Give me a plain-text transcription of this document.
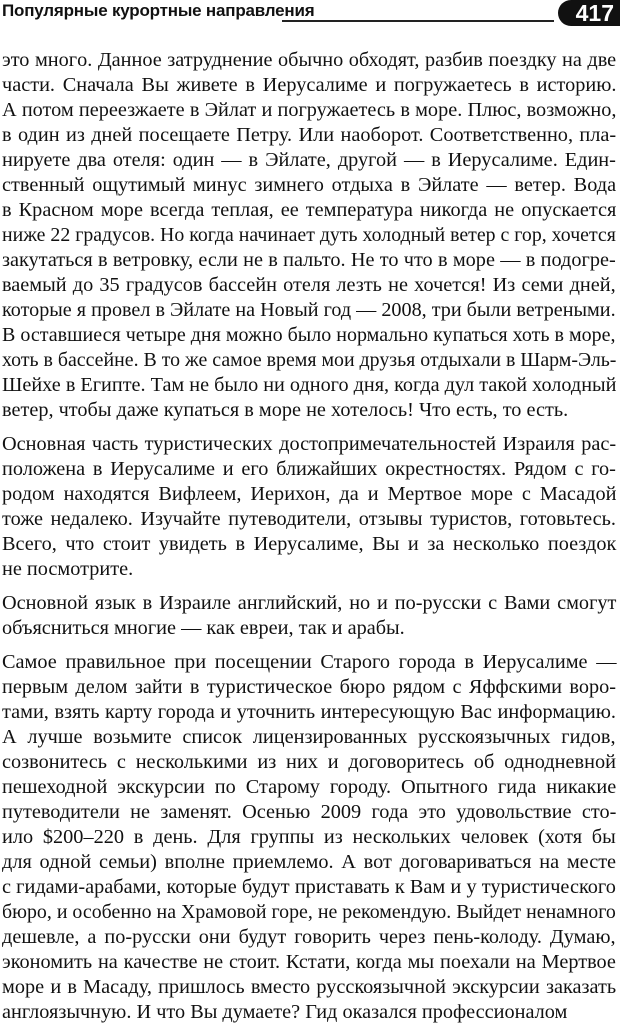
Популярные курортные направления	417
это многo. Данное затруднение обычно обходят, разбив поездку на две
части. Сначала Вы живете в Иерусалиме и погружаетесь в историю.
А потом переезжаете в Эйлат и погружаетесь в море. Плюс, возможно,
в один из дней посещаете Петру. Или наоборот. Соответственно, пла-
нируете два отеля: один — в Эйлате, другой — в Иерусалиме. Един-
ственный ощутимый минус зимнего отдыха в Эйлате — ветер. Вода
в Красном море всегда теплая, ее температура никогда не опускается
ниже 22 градусов. Но когда начинает дуть холодный ветер с гор, хочется
закутаться в ветровку, если не в пальто. Не то что в море — в подогре-
ваемый до 35 градусов бассейн отеля лезть не хочется! Из семи дней,
которые я провел в Эйлате на Новый год — 2008, три были ветреными.
В оставшиеся четыре дня можно было нормально купаться хоть в море,
хоть в бассейне. В то же самое время мои друзья отдыхали в Шарм-Эль-
Шейхе в Египте. Там не было ни одного дня, когда дул такой холодный
ветер, чтобы даже купаться в море не хотелось! Что есть, то есть.
Основная часть туристических достопримечательностей Израиля рас-
положена в Иерусалиме и его ближайших окрестностях. Рядом с го-
родом находятся Вифлеем, Иерихон, да и Мертвое море с Масадой
тоже недалеко. Изучайте путеводители, отзывы туристов, готовьтесь.
Всего, что стоит увидеть в Иерусалиме, Вы и за несколько поездок
не посмотрите.
Основной язык в Израиле английский, но и по-русски с Вами смогут
объясниться многие — как евреи, так и арабы.
Самое правильное при посещении Старого города в Иерусалиме —
первым делом зайти в туристическое бюро рядом с Яффскими воро-
тами, взять карту города и уточнить интересующую Вас информацию.
А лучше возьмите список лицензированных русскоязычных гидов,
созвонитесь с несколькими из них и договоритесь об однодневной
пешеходной экскурсии по Старому городу. Опытного гида никакие
путеводители не заменят. Осенью 2009 года это удовольствие сто-
ило $200–220 в день. Для группы из нескольких человек (хотя бы
для одной семьи) вполне приемлемо. А вот договариваться на месте
с гидами-арабами, которые будут приставать к Вам и у туристического
бюро, и особенно на Храмовой горе, не рекомендую. Выйдет ненамного
дешевле, а по-русски они будут говорить через пень-колоду. Думаю,
экономить на качестве не стоит. Кстати, когда мы поехали на Мертвое
море и в Масаду, пришлось вместо русскоязычной экскурсии заказать
англоязычную. И что Вы думаете? Гид оказался профессионалом
